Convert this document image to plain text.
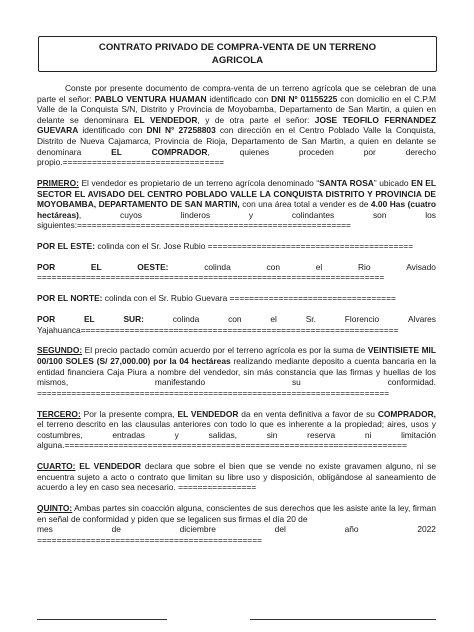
CONTRATO PRIVADO DE COMPRA-VENTA DE UN TERRENO
AGRICOLA

Conste por presente documento de compra-venta de un terreno agrícola que se celebran de una parte el señor: PABLO VENTURA HUAMAN identificado con DNI Nº 01155225 con domicilio en el C.P.M Valle de la Conquista S/N, Distrito y Provincia de Moyobamba, Departamento de San Martin, a quien en delante se denominara EL VENDEDOR, y de otra parte el señor: JOSE TEOFILO FERNANDEZ GUEVARA identificado con DNI N° 27258803 con dirección en el Centro Poblado Valle la Conquista, Distrito de Nueva Cajamarca, Provincia de Rioja, Departamento de San Martin, a quien en delante se denominara EL COMPRADOR, quienes proceden por derecho propio.=================================

PRIMERO: El vendedor es propietario de un terreno agrícola denominado “SANTA ROSA” ubicado EN EL SECTOR EL AVISADO DEL CENTRO POBLADO VALLE LA CONQUISTA DISTRITO Y PROVINCIA DE MOYOBAMBA, DEPARTAMENTO DE SAN MARTIN, con una área total a vender es de 4.00 Has (cuatro hectáreas), cuyos linderos y colindantes son los siguientes:========================================================

POR EL ESTE: colinda con el Sr. Jose Rubio ==========================================

POR	EL	OESTE:	colinda	con	el	Rio	Avisado
=======================================================================

POR EL NORTE: colinda con el Sr. Rubio Guevara ==================================

POR	EL	SUR:	colinda	con	el	Sr.	Florencio	Alvares
Yajahuanca=================================================================

SEGUNDO: El precio pactado común acuerdo por el terreno agrícola es por la suma de VEINTISIETE MIL 00/100 SOLES (S/ 27,000.00) por la 04 hectáreas realizando mediante deposito a cuenta bancaria en la entidad financiera Caja Piura a nombre del vendedor, sin más constancia que las firmas y huellas de los mismos, manifestando su conformidad. ========================================================================

TERCERO: Por la presente compra, EL VENDEDOR da en venta definitiva a favor de su COMPRADOR, el terreno descrito en las clausulas anteriores con todo lo que es inherente a la propiedad; aires, usos y costumbres, entradas y salidas, sin reserva ni limitación alguna.======================================================================

CUARTO: EL VENDEDOR declara que sobre el bien que se vende no existe gravamen alguno, ni se encuentra sujeto a acto o contrato que limitan su libre uso y disposición, obligándose al saneamiento de acuerdo a ley en caso sea necesario. ================

QUINTO: Ambas partes sin coacción alguna, conscientes de sus derechos que les asiste ante la ley, firman en señal de conformidad y piden que se legalicen sus firmas el día 20 de

mes	de	diciembre	del	año	2022
==============================================
